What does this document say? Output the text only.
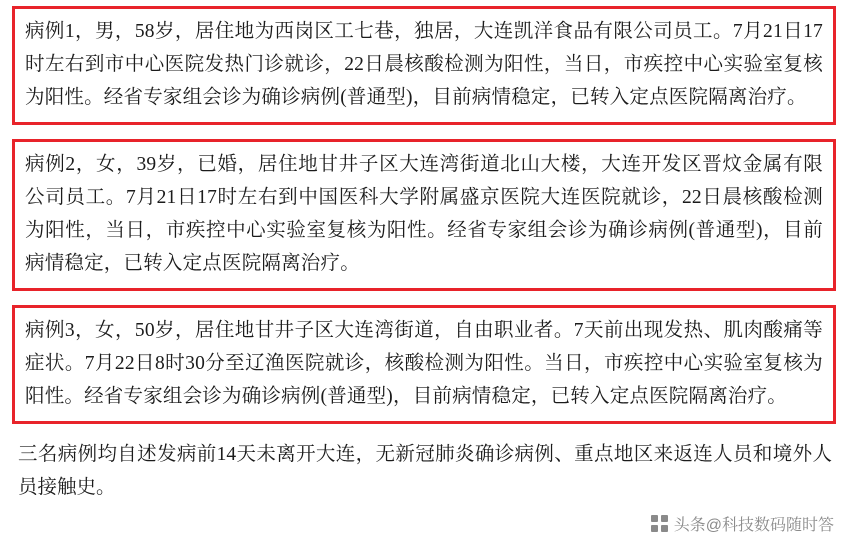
病例1，男，58岁，居住地为西岗区工七巷，独居，大连凯洋食品有限公司员工。7月21日17时左右到市中心医院发热门诊就诊，22日晨核酸检测为阳性，当日，市疾控中心实验室复核为阳性。经省专家组会诊为确诊病例(普通型)，目前病情稳定，已转入定点医院隔离治疗。

病例2，女，39岁，已婚，居住地甘井子区大连湾街道北山大楼，大连开发区晋炆金属有限公司员工。7月21日17时左右到中国医科大学附属盛京医院大连医院就诊，22日晨核酸检测为阳性，当日，市疾控中心实验室复核为阳性。经省专家组会诊为确诊病例(普通型)，目前病情稳定，已转入定点医院隔离治疗。

病例3，女，50岁，居住地甘井子区大连湾街道，自由职业者。7天前出现发热、肌肉酸痛等症状。7月22日8时30分至辽渔医院就诊，核酸检测为阳性。当日，市疾控中心实验室复核为阳性。经省专家组会诊为确诊病例(普通型)，目前病情稳定，已转入定点医院隔离治疗。

三名病例均自述发病前14天未离开大连，无新冠肺炎确诊病例、重点地区来返连人员和境外人员接触史。

头条@科技数码随时答
